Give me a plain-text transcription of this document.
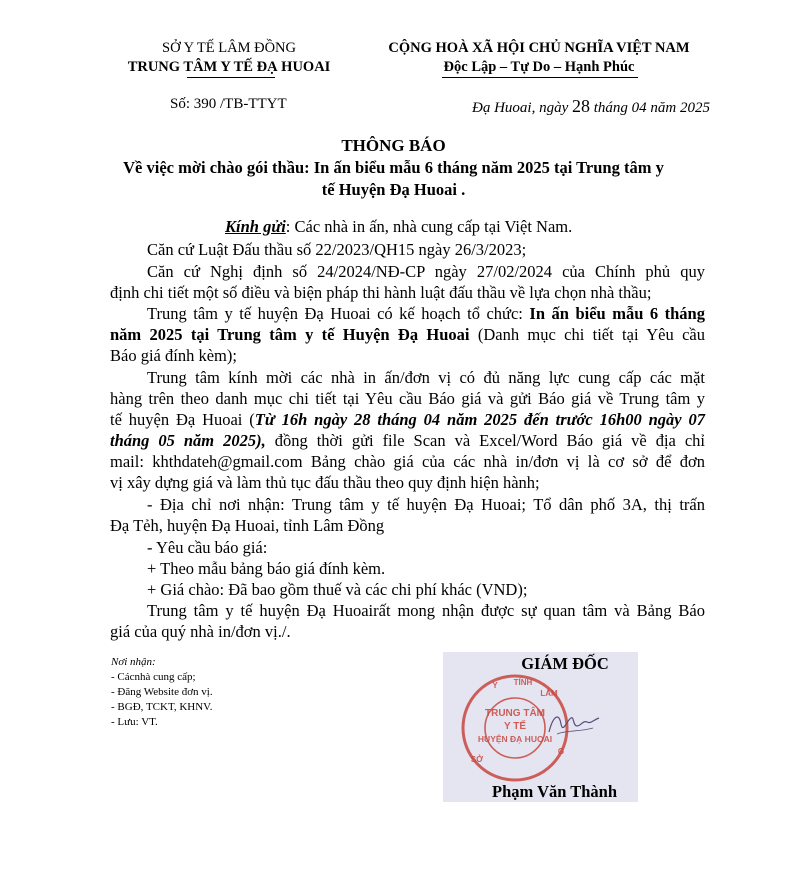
SỞ Y TẾ LÂM ĐỒNG
TRUNG TÂM Y TẾ ĐẠ HUOAI
CỘNG HOÀ XÃ HỘI CHỦ NGHĨA VIỆT NAM
Độc Lập – Tự Do – Hạnh Phúc
Số: 390 /TB-TTYT	Đạ Huoai, ngày 28 tháng 04 năm 2025
THÔNG BÁO
Về việc mời chào gói thầu: In ấn biểu mẫu 6 tháng năm 2025 tại Trung tâm y
tế Huyện Đạ Huoai .
Kính gửi: Các nhà in ấn, nhà cung cấp tại Việt Nam.
Căn cứ Luật Đấu thầu số 22/2023/QH15 ngày 26/3/2023;
Căn cứ Nghị định số 24/2024/NĐ-CP ngày 27/02/2024 của Chính phủ quy
định chi tiết một số điều và biện pháp thi hành luật đấu thầu về lựa chọn nhà thầu;
Trung tâm y tế huyện Đạ Huoai có kế hoạch tổ chức: In ấn biểu mẫu 6 tháng
năm 2025 tại Trung tâm y tế Huyện Đạ Huoai (Danh mục chi tiết tại Yêu cầu
Báo giá đính kèm);
Trung tâm kính mời các nhà in ấn/đơn vị có đủ năng lực cung cấp các mặt
hàng trên theo danh mục chi tiết tại Yêu cầu Báo giá và gửi Báo giá về Trung tâm y
tế huyện Đạ Huoai (Từ 16h ngày 28 tháng 04 năm 2025 đến trước 16h00 ngày 07
tháng 05 năm 2025), đồng thời gửi file Scan và Excel/Word Báo giá về địa chỉ
mail: khthdateh@gmail.com Bảng chào giá của các nhà in/đơn vị là cơ sở để đơn
vị xây dựng giá và làm thủ tục đấu thầu theo quy định hiện hành;
- Địa chỉ nơi nhận: Trung tâm y tế huyện Đạ Huoai; Tổ dân phố 3A, thị trấn
Đạ Tẻh, huyện Đạ Huoai, tỉnh Lâm Đồng
- Yêu cầu báo giá:
+ Theo mẫu bảng báo giá đính kèm.
+ Giá chào: Đã bao gồm thuế và các chi phí khác (VND);
Trung tâm y tế huyện Đạ Huoairất mong nhận được sự quan tâm và Bảng Báo
giá của quý nhà in/đơn vị./.
Nơi nhận:
- Cácnhà cung cấp;
- Đăng Website đơn vị.
- BGĐ, TCKT, KHNV.
- Lưu: VT.
GIÁM ĐỐC
TRUNG TÂM
Y TẾ
HUYỆN ĐẠ HUOAI
Y TỈNH
LÂM
G
SỞ
Phạm Văn Thành
